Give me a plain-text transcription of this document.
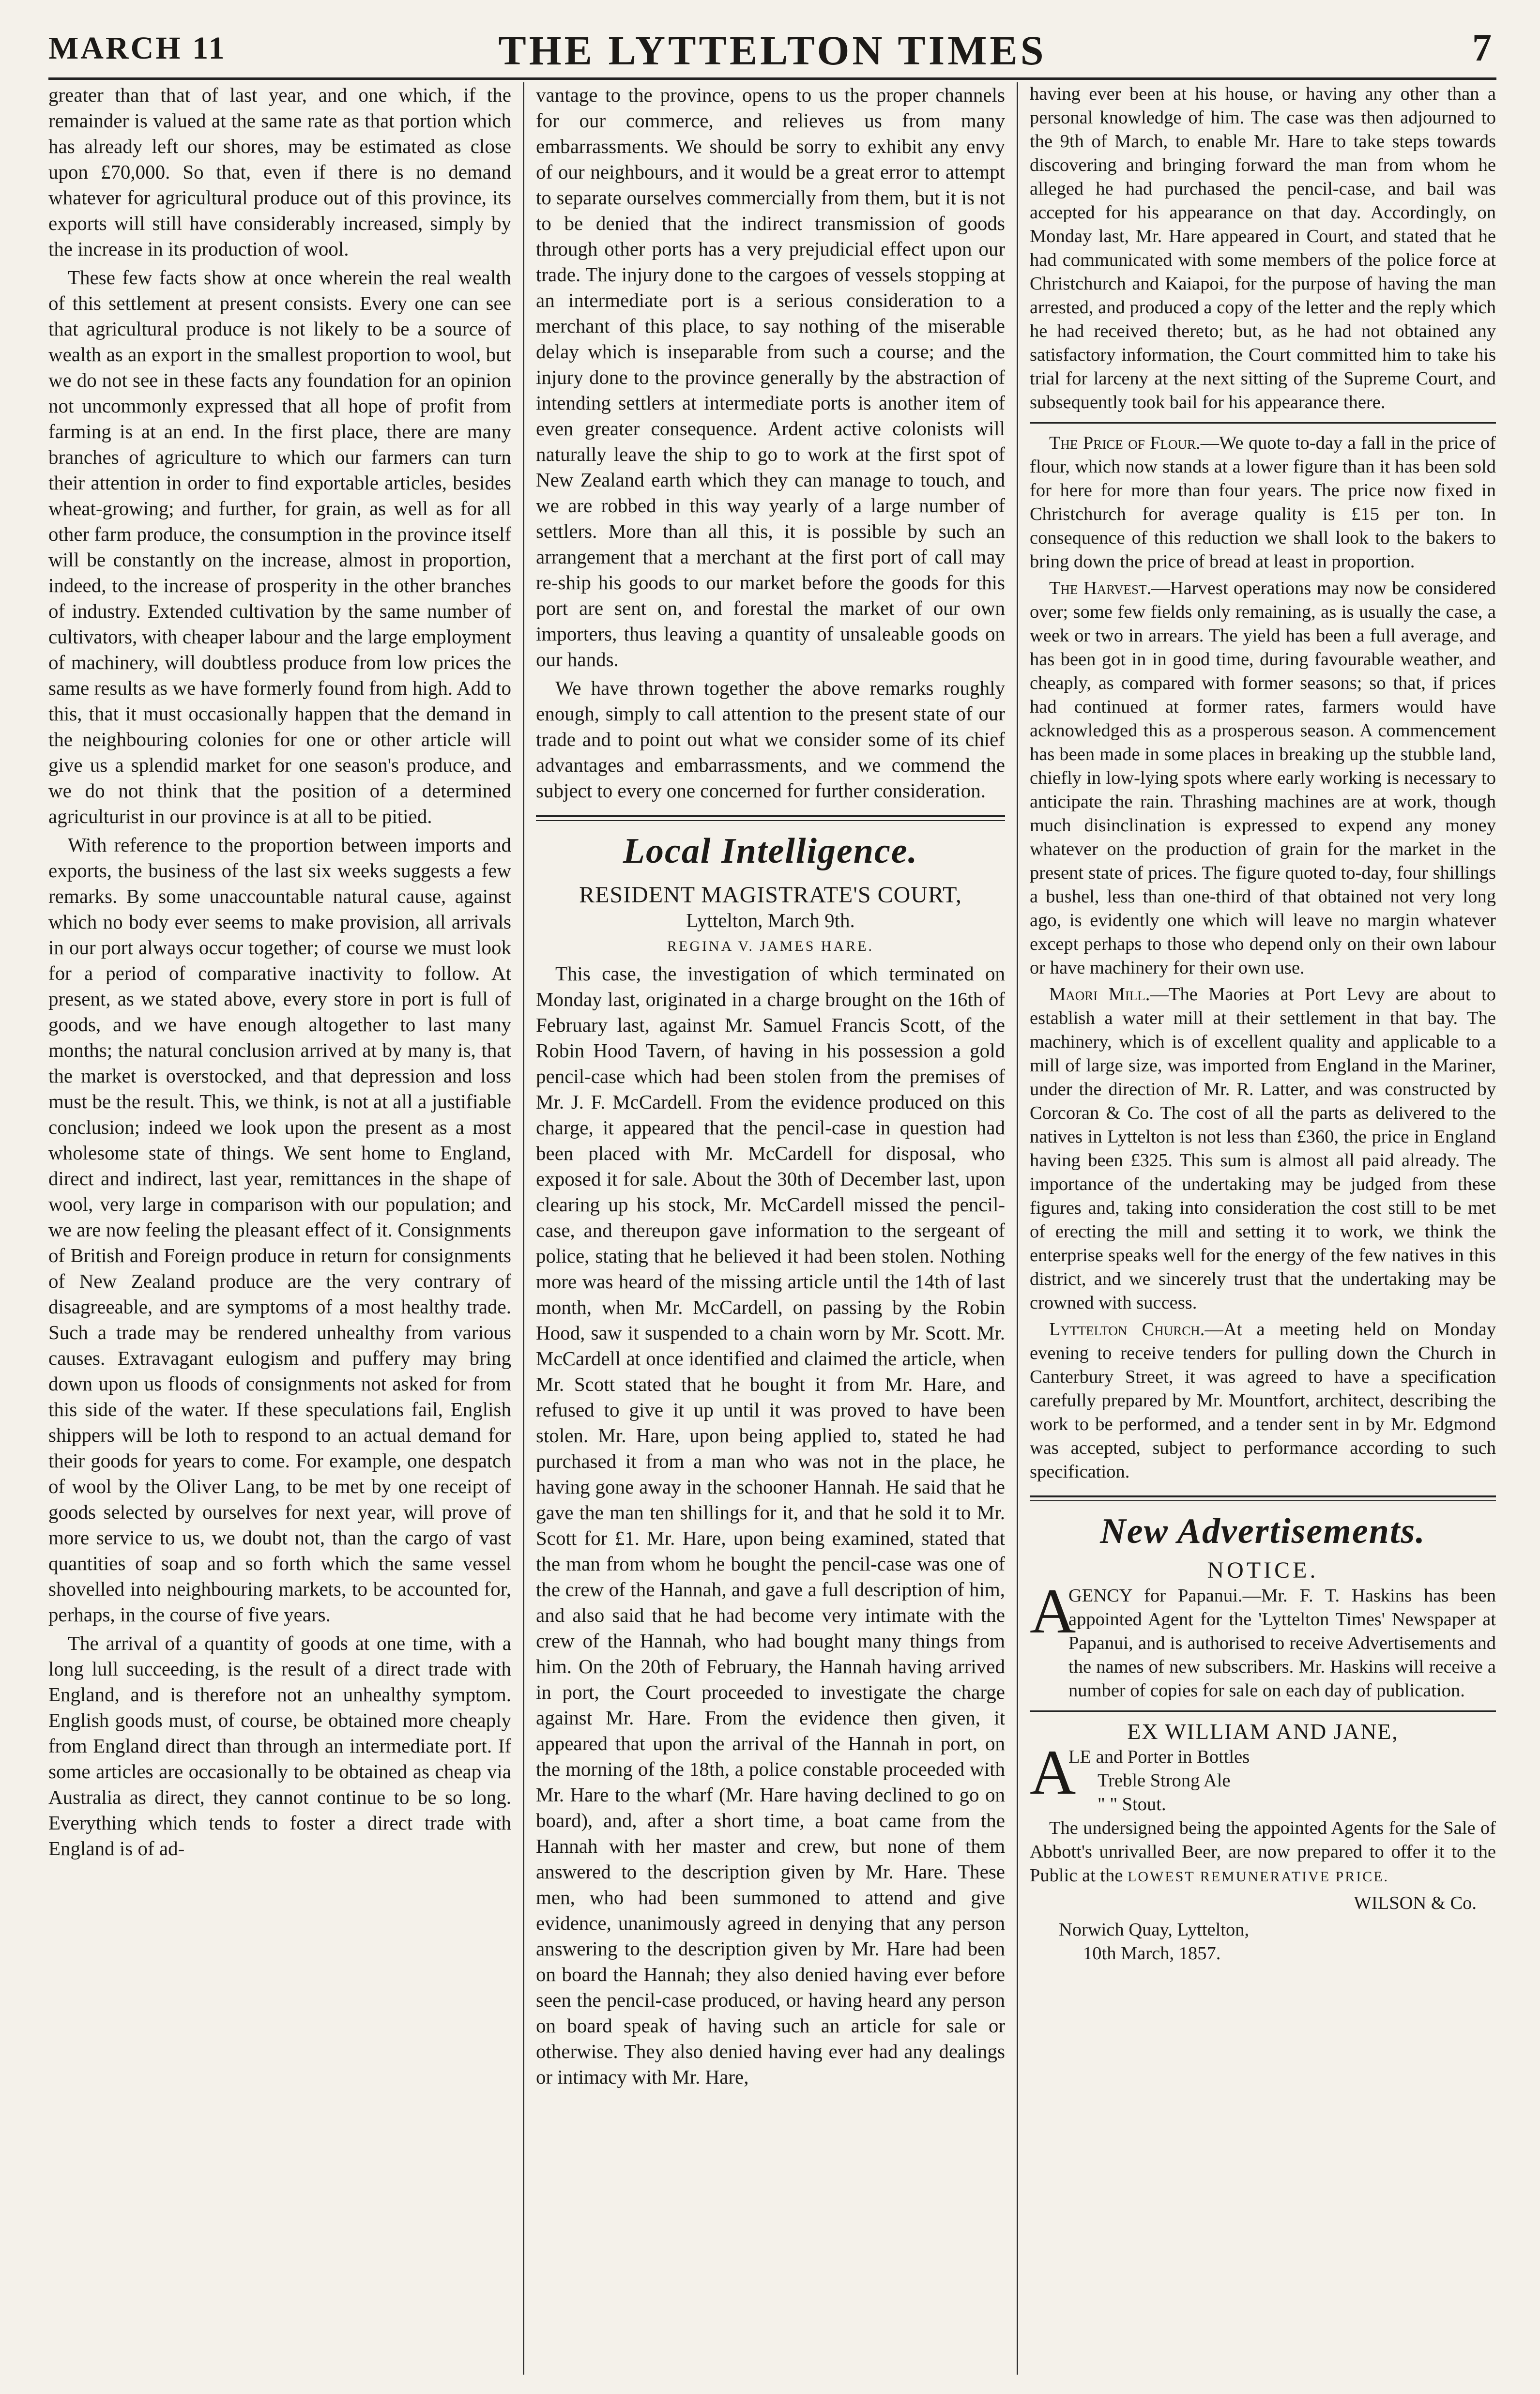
MARCH 11	THE LYTTELTON TIMES	7

greater than that of last year, and one which, if the remainder is valued at the same rate as that portion which has already left our shores, may be estimated as close upon £70,000. So that, even if there is no demand whatever for agricultural produce out of this province, its exports will still have considerably increased, simply by the increase in its production of wool.

These few facts show at once wherein the real wealth of this settlement at present consists. Every one can see that agricultural produce is not likely to be a source of wealth as an export in the smallest proportion to wool, but we do not see in these facts any foundation for an opinion not uncommonly expressed that all hope of profit from farming is at an end. In the first place, there are many branches of agriculture to which our farmers can turn their attention in order to find exportable articles, besides wheat-growing; and further, for grain, as well as for all other farm produce, the consumption in the province itself will be constantly on the increase, almost in proportion, indeed, to the increase of prosperity in the other branches of industry. Extended cultivation by the same number of cultivators, with cheaper labour and the large employment of machinery, will doubtless produce from low prices the same results as we have formerly found from high. Add to this, that it must occasionally happen that the demand in the neighbouring colonies for one or other article will give us a splendid market for one season's produce, and we do not think that the position of a determined agriculturist in our province is at all to be pitied.

With reference to the proportion between imports and exports, the business of the last six weeks suggests a few remarks. By some unaccountable natural cause, against which no body ever seems to make provision, all arrivals in our port always occur together; of course we must look for a period of comparative inactivity to follow. At present, as we stated above, every store in port is full of goods, and we have enough altogether to last many months; the natural conclusion arrived at by many is, that the market is overstocked, and that depression and loss must be the result. This, we think, is not at all a justifiable conclusion; indeed we look upon the present as a most wholesome state of things. We sent home to England, direct and indirect, last year, remittances in the shape of wool, very large in comparison with our population; and we are now feeling the pleasant effect of it. Consignments of British and Foreign produce in return for consignments of New Zealand produce are the very contrary of disagreeable, and are symptoms of a most healthy trade. Such a trade may be rendered unhealthy from various causes. Extravagant eulogism and puffery may bring down upon us floods of consignments not asked for from this side of the water. If these speculations fail, English shippers will be loth to respond to an actual demand for their goods for years to come. For example, one despatch of wool by the Oliver Lang, to be met by one receipt of goods selected by ourselves for next year, will prove of more service to us, we doubt not, than the cargo of vast quantities of soap and so forth which the same vessel shovelled into neighbouring markets, to be accounted for, perhaps, in the course of five years.

The arrival of a quantity of goods at one time, with a long lull succeeding, is the result of a direct trade with England, and is therefore not an unhealthy symptom. English goods must, of course, be obtained more cheaply from England direct than through an intermediate port. If some articles are occasionally to be obtained as cheap via Australia as direct, they cannot continue to be so long. Everything which tends to foster a direct trade with England is of ad-

vantage to the province, opens to us the proper channels for our commerce, and relieves us from many embarrassments. We should be sorry to exhibit any envy of our neighbours, and it would be a great error to attempt to separate ourselves commercially from them, but it is not to be denied that the indirect transmission of goods through other ports has a very prejudicial effect upon our trade. The injury done to the cargoes of vessels stopping at an intermediate port is a serious consideration to a merchant of this place, to say nothing of the miserable delay which is inseparable from such a course; and the injury done to the province generally by the abstraction of intending settlers at intermediate ports is another item of even greater consequence. Ardent active colonists will naturally leave the ship to go to work at the first spot of New Zealand earth which they can manage to touch, and we are robbed in this way yearly of a large number of settlers. More than all this, it is possible by such an arrangement that a merchant at the first port of call may re-ship his goods to our market before the goods for this port are sent on, and forestal the market of our own importers, thus leaving a quantity of unsaleable goods on our hands.

We have thrown together the above remarks roughly enough, simply to call attention to the present state of our trade and to point out what we consider some of its chief advantages and embarrassments, and we commend the subject to every one concerned for further consideration.

Local Intelligence.
RESIDENT MAGISTRATE'S COURT,
Lyttelton, March 9th.
REGINA V. JAMES HARE.

This case, the investigation of which terminated on Monday last, originated in a charge brought on the 16th of February last, against Mr. Samuel Francis Scott, of the Robin Hood Tavern, of having in his possession a gold pencil-case which had been stolen from the premises of Mr. J. F. McCardell. From the evidence produced on this charge, it appeared that the pencil-case in question had been placed with Mr. McCardell for disposal, who exposed it for sale. About the 30th of December last, upon clearing up his stock, Mr. McCardell missed the pencil-case, and thereupon gave information to the sergeant of police, stating that he believed it had been stolen. Nothing more was heard of the missing article until the 14th of last month, when Mr. McCardell, on passing by the Robin Hood, saw it suspended to a chain worn by Mr. Scott. Mr. McCardell at once identified and claimed the article, when Mr. Scott stated that he bought it from Mr. Hare, and refused to give it up until it was proved to have been stolen. Mr. Hare, upon being applied to, stated he had purchased it from a man who was not in the place, he having gone away in the schooner Hannah. He said that he gave the man ten shillings for it, and that he sold it to Mr. Scott for £1. Mr. Hare, upon being examined, stated that the man from whom he bought the pencil-case was one of the crew of the Hannah, and gave a full description of him, and also said that he had become very intimate with the crew of the Hannah, who had bought many things from him. On the 20th of February, the Hannah having arrived in port, the Court proceeded to investigate the charge against Mr. Hare. From the evidence then given, it appeared that upon the arrival of the Hannah in port, on the morning of the 18th, a police constable proceeded with Mr. Hare to the wharf (Mr. Hare having declined to go on board), and, after a short time, a boat came from the Hannah with her master and crew, but none of them answered to the description given by Mr. Hare. These men, who had been summoned to attend and give evidence, unanimously agreed in denying that any person answering to the description given by Mr. Hare had been on board the Hannah; they also denied having ever before seen the pencil-case produced, or having heard any person on board speak of having such an article for sale or otherwise. They also denied having ever had any dealings or intimacy with Mr. Hare,

having ever been at his house, or having any other than a personal knowledge of him. The case was then adjourned to the 9th of March, to enable Mr. Hare to take steps towards discovering and bringing forward the man from whom he alleged he had purchased the pencil-case, and bail was accepted for his appearance on that day. Accordingly, on Monday last, Mr. Hare appeared in Court, and stated that he had communicated with some members of the police force at Christchurch and Kaiapoi, for the purpose of having the man arrested, and produced a copy of the letter and the reply which he had received thereto; but, as he had not obtained any satisfactory information, the Court committed him to take his trial for larceny at the next sitting of the Supreme Court, and subsequently took bail for his appearance there.

The Price of Flour.—We quote to-day a fall in the price of flour, which now stands at a lower figure than it has been sold for here for more than four years. The price now fixed in Christchurch for average quality is £15 per ton. In consequence of this reduction we shall look to the bakers to bring down the price of bread at least in proportion.

The Harvest.—Harvest operations may now be considered over; some few fields only remaining, as is usually the case, a week or two in arrears. The yield has been a full average, and has been got in in good time, during favourable weather, and cheaply, as compared with former seasons; so that, if prices had continued at former rates, farmers would have acknowledged this as a prosperous season. A commencement has been made in some places in breaking up the stubble land, chiefly in low-lying spots where early working is necessary to anticipate the rain. Thrashing machines are at work, though much disinclination is expressed to expend any money whatever on the production of grain for the market in the present state of prices. The figure quoted to-day, four shillings a bushel, less than one-third of that obtained not very long ago, is evidently one which will leave no margin whatever except perhaps to those who depend only on their own labour or have machinery for their own use.

Maori Mill.—The Maories at Port Levy are about to establish a water mill at their settlement in that bay. The machinery, which is of excellent quality and applicable to a mill of large size, was imported from England in the Mariner, under the direction of Mr. R. Latter, and was constructed by Corcoran & Co. The cost of all the parts as delivered to the natives in Lyttelton is not less than £360, the price in England having been £325. This sum is almost all paid already. The importance of the undertaking may be judged from these figures and, taking into consideration the cost still to be met of erecting the mill and setting it to work, we think the enterprise speaks well for the energy of the few natives in this district, and we sincerely trust that the undertaking may be crowned with success.

Lyttelton Church.—At a meeting held on Monday evening to receive tenders for pulling down the Church in Canterbury Street, it was agreed to have a specification carefully prepared by Mr. Mountfort, architect, describing the work to be performed, and a tender sent in by Mr. Edgmond was accepted, subject to performance according to such specification.

New Advertisements.
NOTICE.
A

GENCY for Papanui.—Mr. F. T. Haskins has been appointed Agent for the 'Lyttelton Times' Newspaper at Papanui, and is authorised to receive Advertisements and the names of new subscribers. Mr. Haskins will receive a number of copies for sale on each day of publication.

EX WILLIAM AND JANE,
A
LE and Porter in Bottles
Treble Strong Ale
" " Stout.

The undersigned being the appointed Agents for the Sale of Abbott's unrivalled Beer, are now prepared to offer it to the Public at the LOWEST REMUNERATIVE PRICE.

WILSON & Co.

Norwich Quay, Lyttelton,

10th March, 1857.
